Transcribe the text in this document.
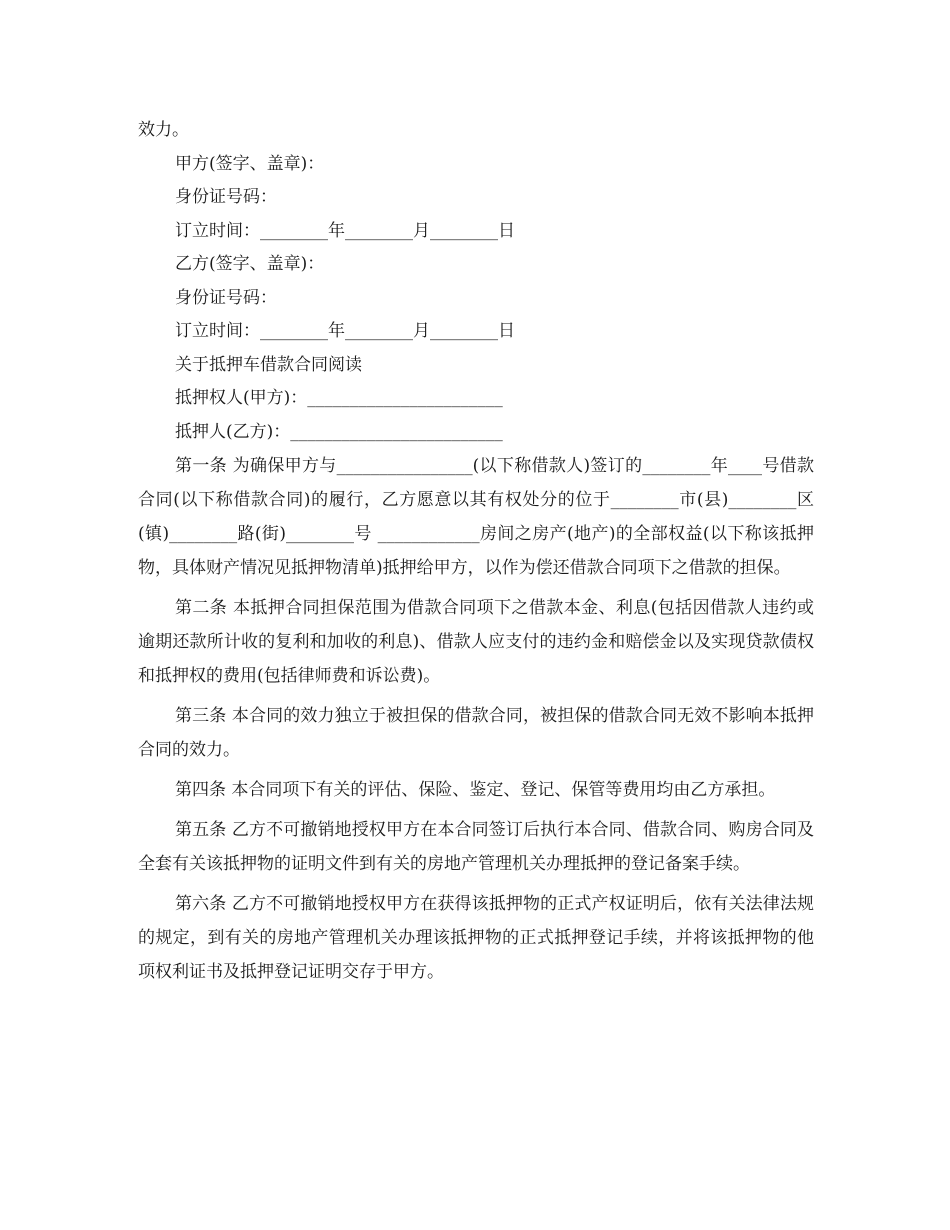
效力。
甲方(签字、盖章)：
身份证号码：
订立时间：________年________月________日
乙方(签字、盖章)：
身份证号码：
订立时间：________年________月________日
关于抵押车借款合同阅读
抵押权人(甲方)：_______________________
抵押人(乙方)：_________________________
第一条 为确保甲方与________________(以下称借款人)签订的________年____号借款合同(以下称借款合同)的履行，乙方愿意以其有权处分的位于________市(县)________区(镇)________路(街)________号 ____________房间之房产(地产)的全部权益(以下称该抵押物，具体财产情况见抵押物清单)抵押给甲方，以作为偿还借款合同项下之借款的担保。
第二条 本抵押合同担保范围为借款合同项下之借款本金、利息(包括因借款人违约或逾期还款所计收的复利和加收的利息)、借款人应支付的违约金和赔偿金以及实现贷款债权和抵押权的费用(包括律师费和诉讼费)。
第三条 本合同的效力独立于被担保的借款合同，被担保的借款合同无效不影响本抵押合同的效力。
第四条 本合同项下有关的评估、保险、鉴定、登记、保管等费用均由乙方承担。
第五条 乙方不可撤销地授权甲方在本合同签订后执行本合同、借款合同、购房合同及全套有关该抵押物的证明文件到有关的房地产管理机关办理抵押的登记备案手续。
第六条 乙方不可撤销地授权甲方在获得该抵押物的正式产权证明后，依有关法律法规的规定，到有关的房地产管理机关办理该抵押物的正式抵押登记手续，并将该抵押物的他项权利证书及抵押登记证明交存于甲方。
